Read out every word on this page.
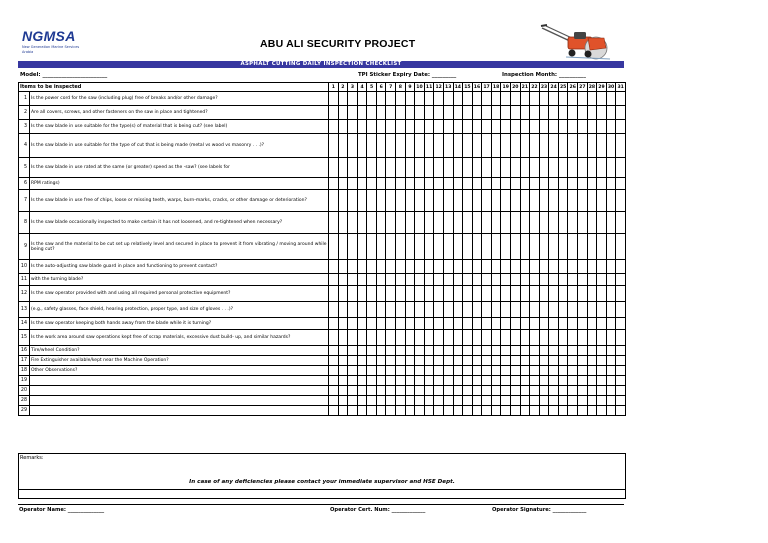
NGMSA
New Generation Marine Services Arabia
ABU ALI SECURITY PROJECT
ASPHALT CUTTING DAILY INSPECTION CHECKLIST
Model: ________________________	TPI Sticker Expiry Date: _________	Inspection Month: __________
Items to be inspected		1	2	3	4	5	6	7	8	9	10	11	12	13	14	15	16	17	18	19	20	21	22	23	24	25	26	27	28	29	30	31
1	Is the power cord for the saw (including plug) free of breaks and/or other damage?																															
2	Are all covers, screws, and other fasteners on the saw in place and tightened?																															
3	Is the saw blade in use suitable for the type(s) of material that is being cut? (see label)																															
4	Is the saw blade in use suitable for the type of cut that is being made (metal vs wood vs masonry . . .)?																															
5	Is the saw blade in use rated at the same (or greater) speed as the -saw? (see labels for																															
6	RPM ratings)																															
7	Is the saw blade in use free of chips, loose or missing teeth, warps, burn-marks, cracks, or other damage or deterioration?																															
8	Is the saw blade occasionally inspected to make certain it has not loosened, and re-tightened when necessary?																															
9	Is the saw and the material to be cut set up relatively level and secured in place to prevent it from vibrating / moving around while being cut?																															
10	Is the auto-adjusting saw blade guard in place and functioning to prevent contact?																															
11	with the turning blade?																															
12	Is the saw operator provided with and using all required personal protective equipment?																															
13	(e.g., safety glasses, face shield, hearing protection, proper type, and size of gloves . . .)?																															
14	Is the saw operator keeping both hands away from the blade while it is turning?																															
15	Is the work area around saw operations kept free of scrap materials, excessive dust build- up, and similar hazards?																															
16	Tire/wheel Condition?																															
17	Fire Extinguisher available/kept near the Machine Operation?																															
18	Other Observations?																															
19																																
20																																
28																																
29																																
Remarks:
In case of any deficiencies please contact your immediate supervisor and HSE Dept.
Operator Name: ______________	Operator Cert. Num: _____________	Operator Signature: _____________
